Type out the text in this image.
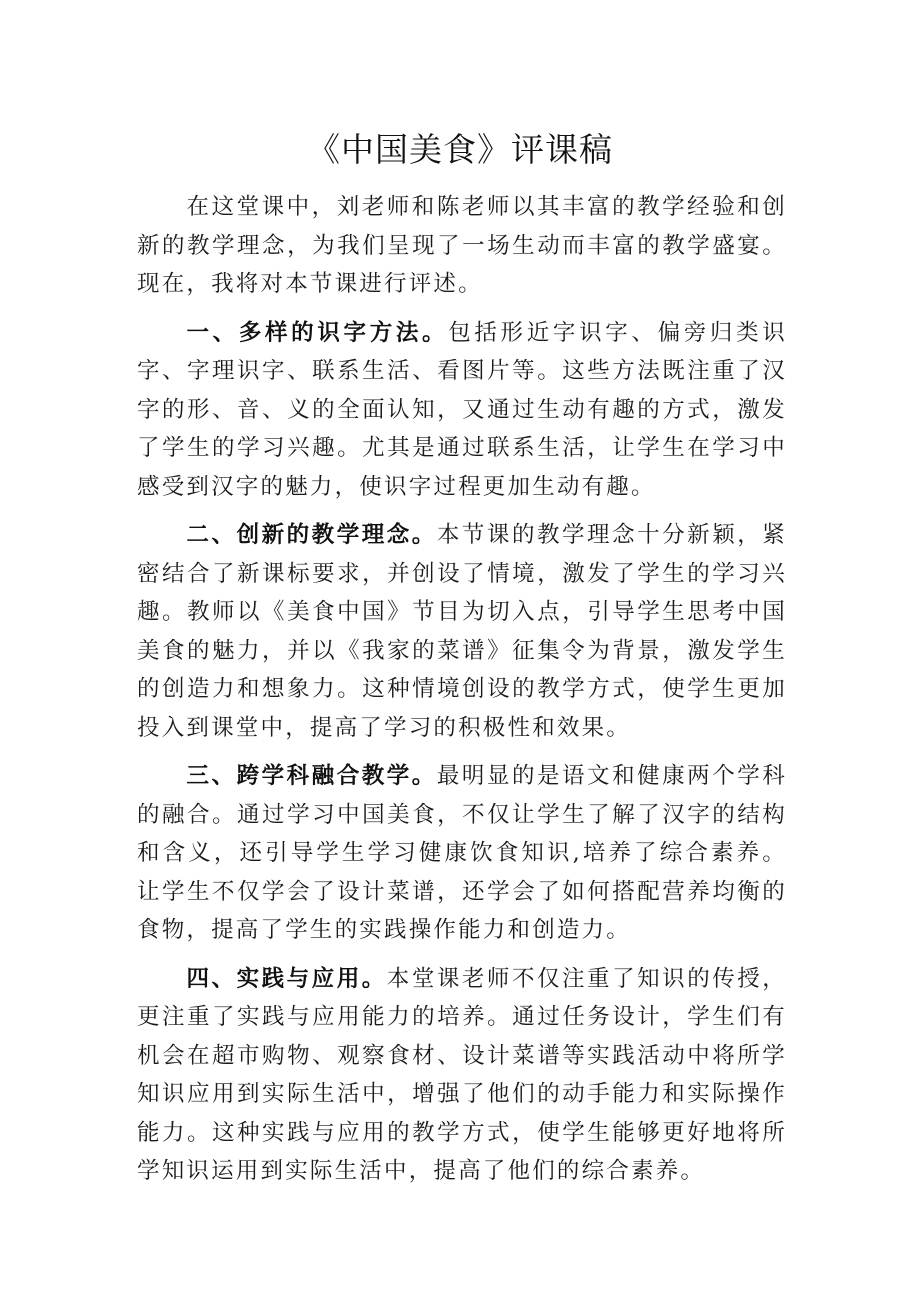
《中国美食》评课稿

在这堂课中，刘老师和陈老师以其丰富的教学经验和创新的教学理念，为我们呈现了一场生动而丰富的教学盛宴。现在，我将对本节课进行评述。

一、多样的识字方法。包括形近字识字、偏旁归类识字、字理识字、联系生活、看图片等。这些方法既注重了汉字的形、音、义的全面认知，又通过生动有趣的方式，激发了学生的学习兴趣。尤其是通过联系生活，让学生在学习中感受到汉字的魅力，使识字过程更加生动有趣。

二、创新的教学理念。本节课的教学理念十分新颖，紧密结合了新课标要求，并创设了情境，激发了学生的学习兴趣。教师以《美食中国》节目为切入点，引导学生思考中国美食的魅力，并以《我家的菜谱》征集令为背景，激发学生的创造力和想象力。这种情境创设的教学方式，使学生更加投入到课堂中，提高了学习的积极性和效果。

三、跨学科融合教学。最明显的是语文和健康两个学科的融合。通过学习中国美食，不仅让学生了解了汉字的结构和含义，还引导学生学习健康饮食知识,培养了综合素养。让学生不仅学会了设计菜谱，还学会了如何搭配营养均衡的食物，提高了学生的实践操作能力和创造力。

四、实践与应用。本堂课老师不仅注重了知识的传授，更注重了实践与应用能力的培养。通过任务设计，学生们有机会在超市购物、观察食材、设计菜谱等实践活动中将所学知识应用到实际生活中，增强了他们的动手能力和实际操作能力。这种实践与应用的教学方式，使学生能够更好地将所学知识运用到实际生活中，提高了他们的综合素养。
